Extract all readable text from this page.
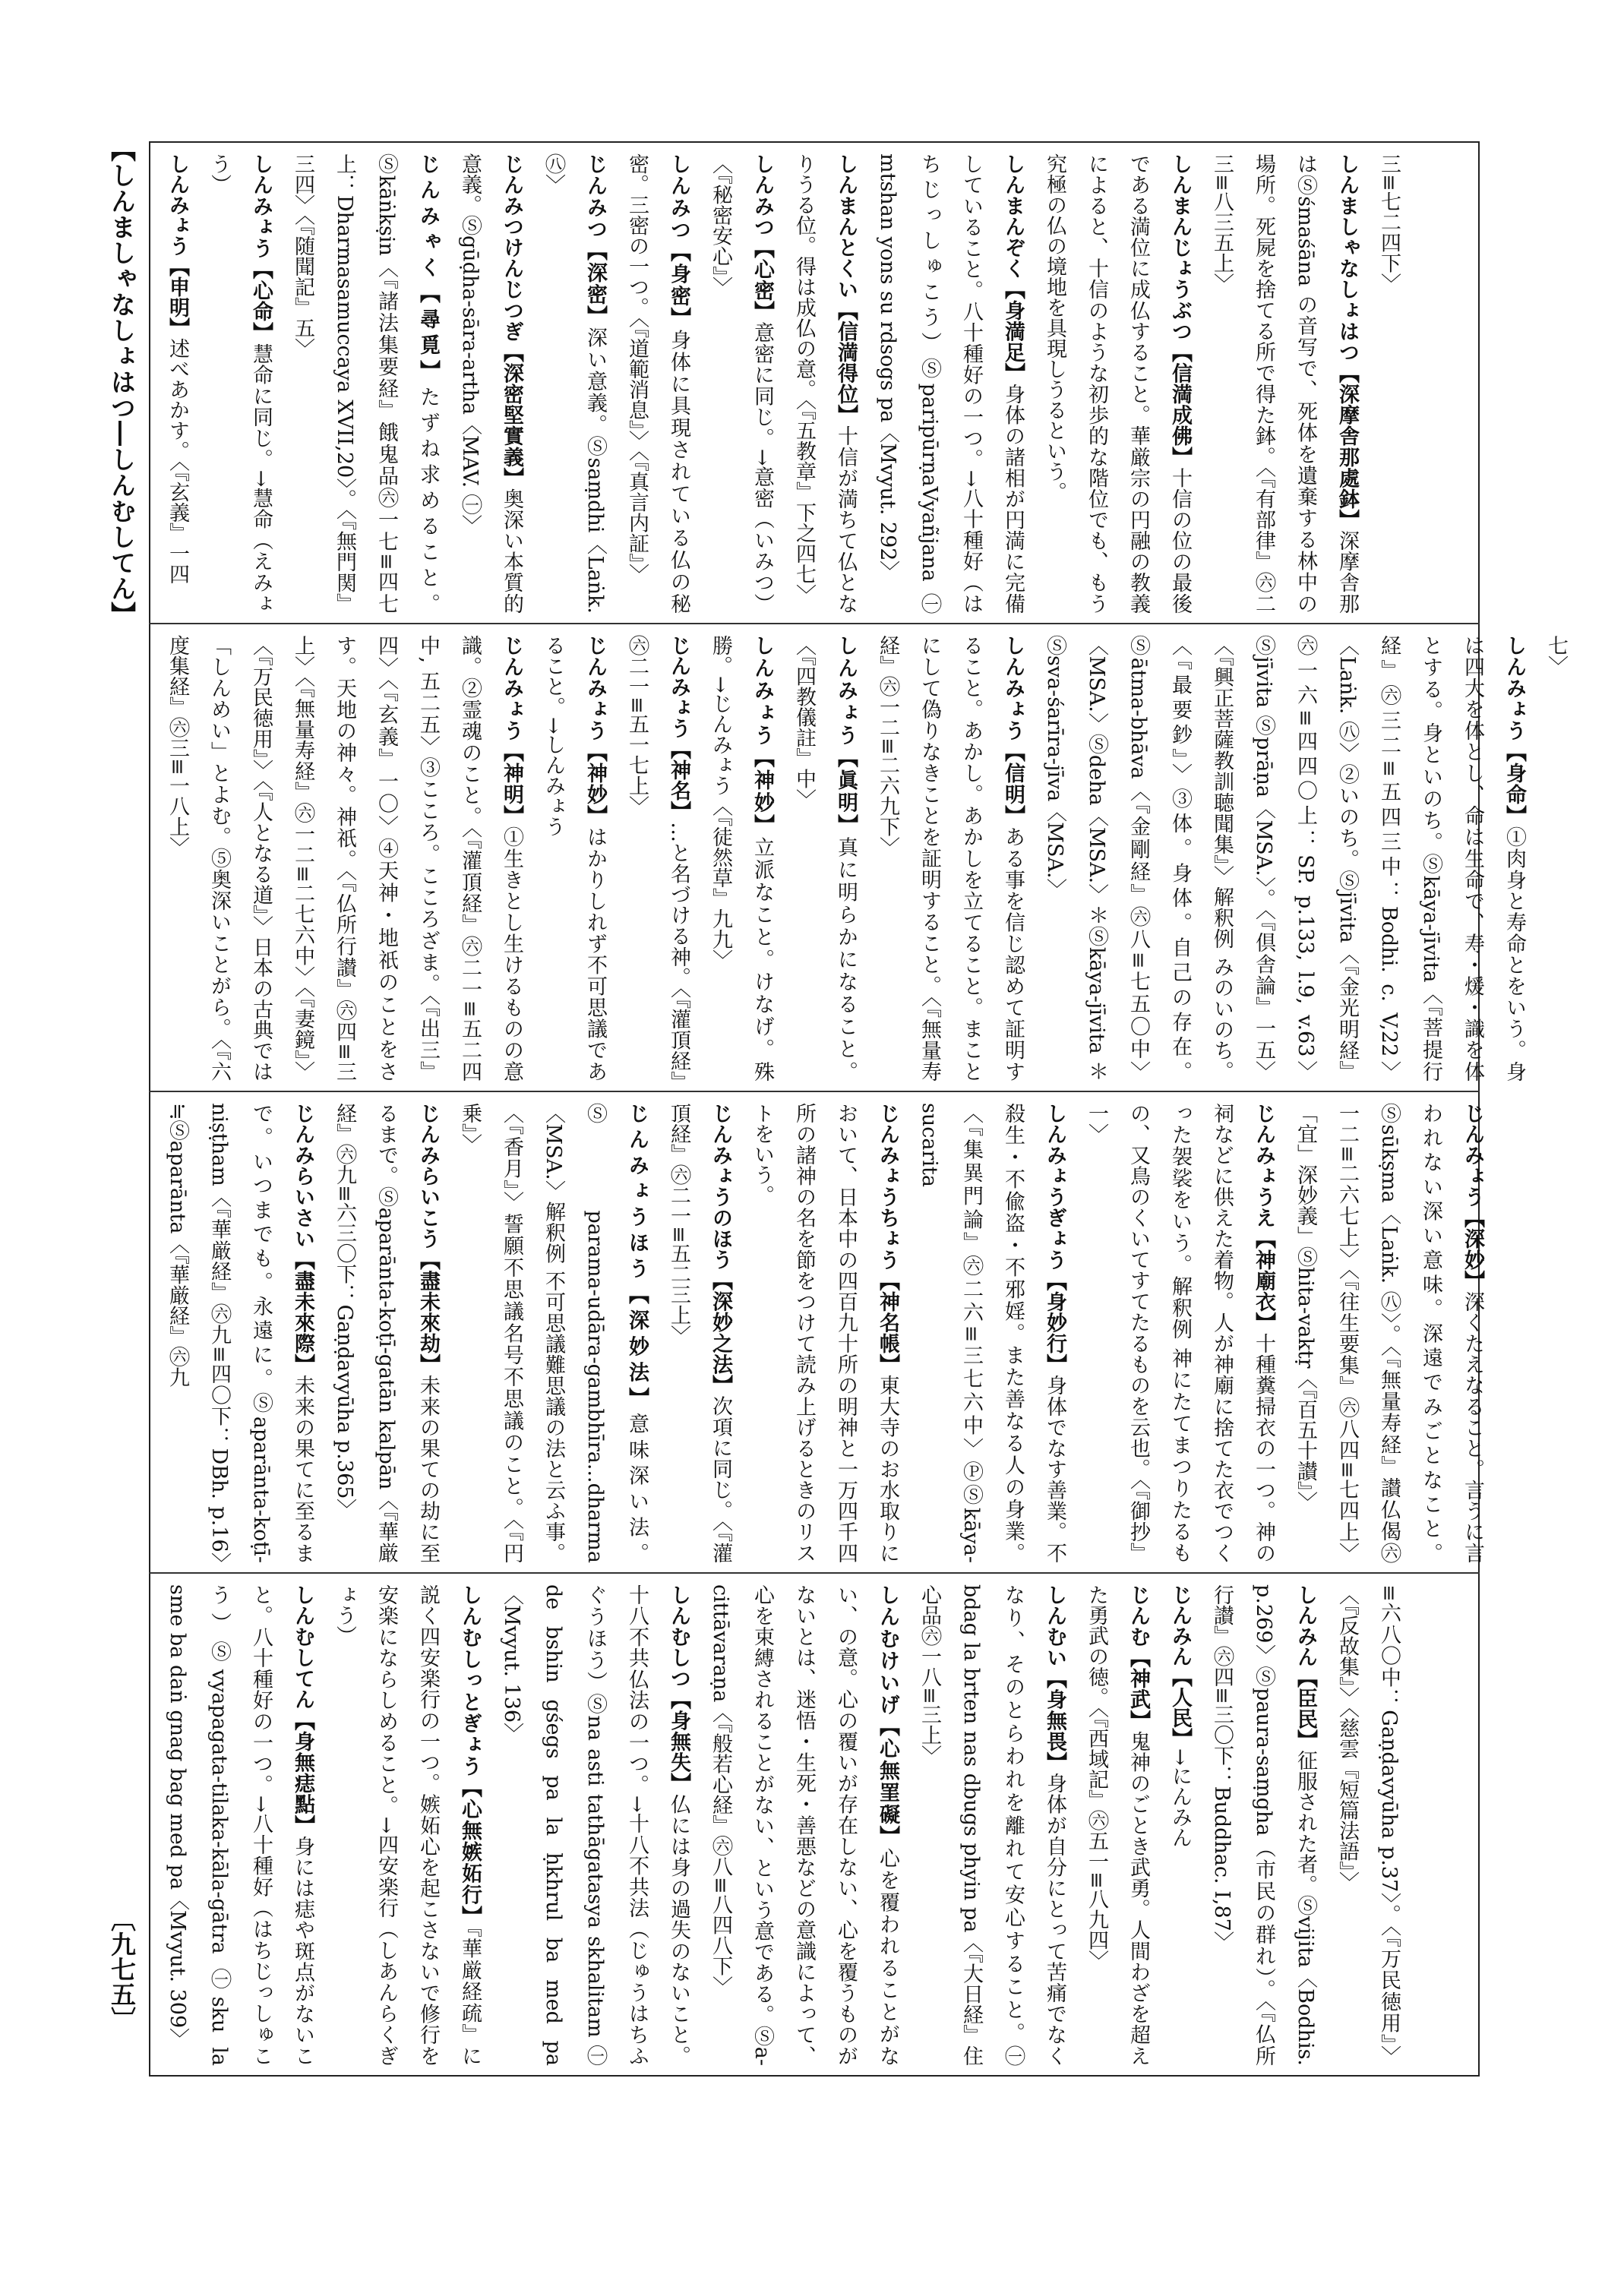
【しんましゃなしょはつ―しんむしてん】
〔九七五〕

三≡七二四下〉

しんましゃなしょはつ【深摩舎那處鉢】深摩舎那はⓈśmaśāna の音写で、死体を遺棄する林中の場所。死屍を捨てる所で得た鉢。〈『有部律』㊅二三≡八三五上〉

しんまんじょうぶつ【信満成佛】十信の位の最後である満位に成仏すること。華厳宗の円融の教義によると、十信のような初歩的な階位でも、もう究極の仏の境地を具現しうるという。

しんまんぞく【身満足】身体の諸相が円満に完備していること。八十種好の一つ。→八十種好（はちじっしゅこう）ⓈparipūrṇaVyañjana ㊀mtshan yons su rdsogs pa〈Mvyut. 292〉

しんまんとくい【信満得位】十信が満ちて仏となりうる位。得は成仏の意。〈『五教章』下之四七〉

しんみつ【心密】意密に同じ。→意密（いみつ）〈『秘密安心』〉

しんみつ【身密】身体に具現されている仏の秘密。三密の一つ。〈『道範消息』〉〈『真言内証』〉

じんみつ【深密】深い意義。Ⓢsaṃdhi〈Laṅk. ㊇〉

じんみつけんじつぎ【深密堅實義】奥深い本質的意義。Ⓢgūḍha-sāra-artha〈MAV. ㊀〉

じんみゃく【尋覓】たずね求めること。Ⓢkāṅkṣin〈『諸法集要経』餓鬼品㊅一七≡四七上：Dharmasamuccaya XVII,20〉。〈『無門関』三四〉〈『随聞記』五〉

しんみょう【心命】慧命に同じ。→慧命（えみょう）

しんみょう【申明】述べあかす。〈『玄義』一四

七〉

しんみょう【身命】①肉身と寿命とをいう。身は四大を体とし、命は生命で、寿・煖・識を体とする。身といのち。Ⓢkāya-jīvita〈『菩提行経』㊅三二≡五四三中：Bodhi. c. V,22〉〈Laṅk. ㊇〉②いのち。Ⓢjīvita〈『金光明経』㊅一六≡四四〇上：SP. p.133, l.9, v.63〉Ⓢjīvita Ⓢprāṇa〈MSA.〉。〈『倶舎論』一五〉〈『興正菩薩教訓聴聞集』〉解釈例 みのいのち。〈『最要鈔』〉③体。身体。自己の存在。Ⓢātma-bhāva〈『金剛経』㊅八≡七五〇中〉〈MSA.〉Ⓢdeha〈MSA.〉＊Ⓢkāya-jīvita ＊Ⓢsva-śarīra-jīva〈MSA.〉

しんみょう【信明】ある事を信じ認めて証明すること。あかし。あかしを立てること。まことにして偽りなきことを証明すること。〈『無量寿経』㊅一二≡二六九下〉

しんみょう【眞明】真に明らかになること。〈『四教儀註』中〉

しんみょう【神妙】立派なこと。けなげ。殊勝。→じんみょう〈『徒然草』九九〉

じんみょう【神名】…と名づける神。〈『灌頂経』㊅二一≡五一七上〉

じんみょう【神妙】はかりしれず不可思議であること。→しんみょう

じんみょう【神明】①生きとし生けるものの意識。②霊魂のこと。〈『灌頂経』㊅二一≡五二四中, 五二五〉③こころ。こころざま。〈『出三』四〉〈『玄義』一〇〉④天神・地祇のことをさす。天地の神々。神祇。〈『仏所行讃』㊅四≡三上〉〈『無量寿経』㊅一二≡二七六中〉〈『妻鏡』〉〈『万民徳用』〉〈『人となる道』〉日本の古典では「しんめい」とよむ。⑤奥深いことがら。〈『六度集経』㊅三≡一八上〉

じんみょう【深妙】深くたえなること。言うに言われない深い意味。深遠でみごとなこと。Ⓢsūkṣma〈Laṅk. ㊇〉。〈『無量寿経』讃仏偈㊅一二≡二六七上〉〈『往生要集』㊅八四≡七四上〉「宜」深妙義」Ⓢhita-vaktṛ〈『百五十讃』〉

じんみょうえ【神廟衣】十種糞掃衣の一つ。神の祠などに供えた着物。人が神廟に捨てた衣でつくった袈裟をいう。解釈例 神にたてまつりたるもの、又鳥のくいてすてたるものを云也。〈『御抄』一〉

しんみょうぎょう【身妙行】身体でなす善業。不殺生・不偸盗・不邪婬。また善なる人の身業。〈『集異門論』㊅二六≡三七六中〉ⓅⓈkāya-sucarita

じんみょうちょう【神名帳】東大寺のお水取りにおいて、日本中の四百九十所の明神と一万四千四所の諸神の名を節をつけて読み上げるときのリストをいう。

じんみょうのほう【深妙之法】次項に同じ。〈『灌頂経』㊅二一≡五二三上〉

じんみょうほう【深妙法】意味深い法。Ⓢparama-udāra-gambhīra...dharma〈MSA.〉解釈例 不可思議難思議の法と云ふ事。〈『香月』〉誓願不思議名号不思議のこと。〈『円乗』〉

じんみらいこう【盡未來劫】未来の果ての劫に至るまで。Ⓢaparānta-koṭī-gatān kalpān〈『華厳経』㊅九≡六三〇下：Gaṇḍavyūha p.365〉

じんみらいさい【盡未來際】未来の果てに至るまで。いつまでも。永遠に。Ⓢaparānta-koṭī-niṣṭham〈『華厳経』㊅九≡四〇下：DBh. p.16〉≒Ⓢaparānta〈『華厳経』㊅九

≡六八〇中：Gaṇḍavyūha p.37〉。〈『万民徳用』〉〈『反故集』〉〈慈雲『短篇法語』〉

しんみん【臣民】征服された者。Ⓢvijita〈Bodhis. p.269〉Ⓢpaura-saṃgha（市民の群れ）。〈『仏所行讃』㊅四≡三〇下：Buddhac. I,87〉

じんみん【人民】→にんみん

じんむ【神武】鬼神のごとき武勇。人間わざを超えた勇武の徳。〈『西域記』㊅五一≡八九四〉

しんむい【身無畏】身体が自分にとって苦痛でなくなり、そのとらわれを離れて安心すること。㊀bdag la brten nas dbugs phyin pa〈『大日経』住心品㊅一八≡三上〉

しんむけいげ【心無罣礙】心を覆われることがない、の意。心の覆いが存在しない、心を覆うものがないとは、迷悟・生死・善悪などの意識によって、心を束縛されることがない、という意である。Ⓢa-cittāvaraṇa〈『般若心経』㊅八≡八四八下〉

しんむしつ【身無失】仏には身の過失のないこと。十八不共仏法の一つ。→十八不共法（じゅうはちふぐうほう）Ⓢna asti tathāgatasya skhalitam ㊀de bshin gśegs pa la ḥkhrul ba med pa〈Mvyut. 136〉

しんむしっとぎょう【心無嫉妬行】『華厳経疏』に説く四安楽行の一つ。嫉妬心を起こさないで修行を安楽にならしめること。→四安楽行（しあんらくぎょう）

しんむしてん【身無痣點】身には痣や斑点がないこと。八十種好の一つ。→八十種好（はちじっしゅこう）Ⓢvyapagata-tilaka-kāla-gātra ㊀sku la sme ba daṅ gnag bag med pa〈Mvyut. 309〉
